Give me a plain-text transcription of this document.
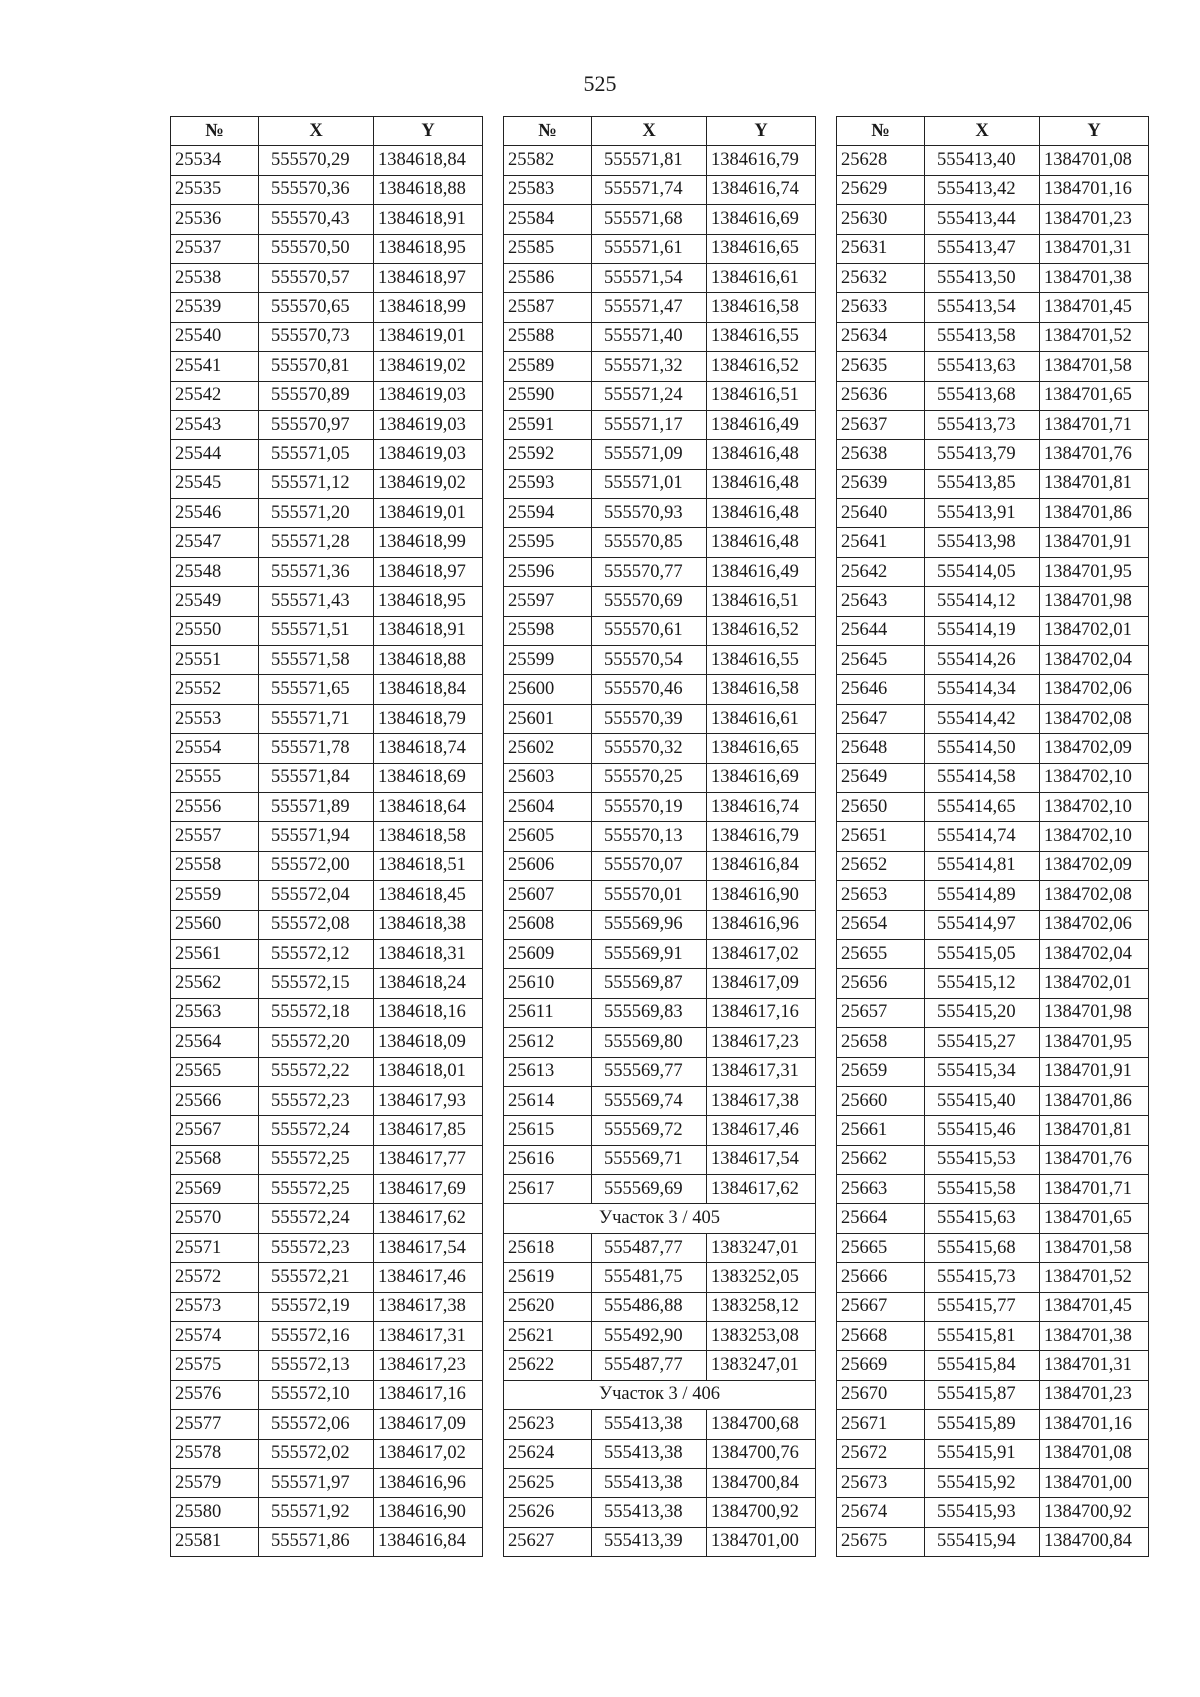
525
№	X	Y
25534	555570,29	1384618,84
25535	555570,36	1384618,88
25536	555570,43	1384618,91
25537	555570,50	1384618,95
25538	555570,57	1384618,97
25539	555570,65	1384618,99
25540	555570,73	1384619,01
25541	555570,81	1384619,02
25542	555570,89	1384619,03
25543	555570,97	1384619,03
25544	555571,05	1384619,03
25545	555571,12	1384619,02
25546	555571,20	1384619,01
25547	555571,28	1384618,99
25548	555571,36	1384618,97
25549	555571,43	1384618,95
25550	555571,51	1384618,91
25551	555571,58	1384618,88
25552	555571,65	1384618,84
25553	555571,71	1384618,79
25554	555571,78	1384618,74
25555	555571,84	1384618,69
25556	555571,89	1384618,64
25557	555571,94	1384618,58
25558	555572,00	1384618,51
25559	555572,04	1384618,45
25560	555572,08	1384618,38
25561	555572,12	1384618,31
25562	555572,15	1384618,24
25563	555572,18	1384618,16
25564	555572,20	1384618,09
25565	555572,22	1384618,01
25566	555572,23	1384617,93
25567	555572,24	1384617,85
25568	555572,25	1384617,77
25569	555572,25	1384617,69
25570	555572,24	1384617,62
25571	555572,23	1384617,54
25572	555572,21	1384617,46
25573	555572,19	1384617,38
25574	555572,16	1384617,31
25575	555572,13	1384617,23
25576	555572,10	1384617,16
25577	555572,06	1384617,09
25578	555572,02	1384617,02
25579	555571,97	1384616,96
25580	555571,92	1384616,90
25581	555571,86	1384616,84
№	X	Y
25582	555571,81	1384616,79
25583	555571,74	1384616,74
25584	555571,68	1384616,69
25585	555571,61	1384616,65
25586	555571,54	1384616,61
25587	555571,47	1384616,58
25588	555571,40	1384616,55
25589	555571,32	1384616,52
25590	555571,24	1384616,51
25591	555571,17	1384616,49
25592	555571,09	1384616,48
25593	555571,01	1384616,48
25594	555570,93	1384616,48
25595	555570,85	1384616,48
25596	555570,77	1384616,49
25597	555570,69	1384616,51
25598	555570,61	1384616,52
25599	555570,54	1384616,55
25600	555570,46	1384616,58
25601	555570,39	1384616,61
25602	555570,32	1384616,65
25603	555570,25	1384616,69
25604	555570,19	1384616,74
25605	555570,13	1384616,79
25606	555570,07	1384616,84
25607	555570,01	1384616,90
25608	555569,96	1384616,96
25609	555569,91	1384617,02
25610	555569,87	1384617,09
25611	555569,83	1384617,16
25612	555569,80	1384617,23
25613	555569,77	1384617,31
25614	555569,74	1384617,38
25615	555569,72	1384617,46
25616	555569,71	1384617,54
25617	555569,69	1384617,62
Участок 3 / 405		
25618	555487,77	1383247,01
25619	555481,75	1383252,05
25620	555486,88	1383258,12
25621	555492,90	1383253,08
25622	555487,77	1383247,01
Участок 3 / 406		
25623	555413,38	1384700,68
25624	555413,38	1384700,76
25625	555413,38	1384700,84
25626	555413,38	1384700,92
25627	555413,39	1384701,00
№	X	Y
25628	555413,40	1384701,08
25629	555413,42	1384701,16
25630	555413,44	1384701,23
25631	555413,47	1384701,31
25632	555413,50	1384701,38
25633	555413,54	1384701,45
25634	555413,58	1384701,52
25635	555413,63	1384701,58
25636	555413,68	1384701,65
25637	555413,73	1384701,71
25638	555413,79	1384701,76
25639	555413,85	1384701,81
25640	555413,91	1384701,86
25641	555413,98	1384701,91
25642	555414,05	1384701,95
25643	555414,12	1384701,98
25644	555414,19	1384702,01
25645	555414,26	1384702,04
25646	555414,34	1384702,06
25647	555414,42	1384702,08
25648	555414,50	1384702,09
25649	555414,58	1384702,10
25650	555414,65	1384702,10
25651	555414,74	1384702,10
25652	555414,81	1384702,09
25653	555414,89	1384702,08
25654	555414,97	1384702,06
25655	555415,05	1384702,04
25656	555415,12	1384702,01
25657	555415,20	1384701,98
25658	555415,27	1384701,95
25659	555415,34	1384701,91
25660	555415,40	1384701,86
25661	555415,46	1384701,81
25662	555415,53	1384701,76
25663	555415,58	1384701,71
25664	555415,63	1384701,65
25665	555415,68	1384701,58
25666	555415,73	1384701,52
25667	555415,77	1384701,45
25668	555415,81	1384701,38
25669	555415,84	1384701,31
25670	555415,87	1384701,23
25671	555415,89	1384701,16
25672	555415,91	1384701,08
25673	555415,92	1384701,00
25674	555415,93	1384700,92
25675	555415,94	1384700,84
